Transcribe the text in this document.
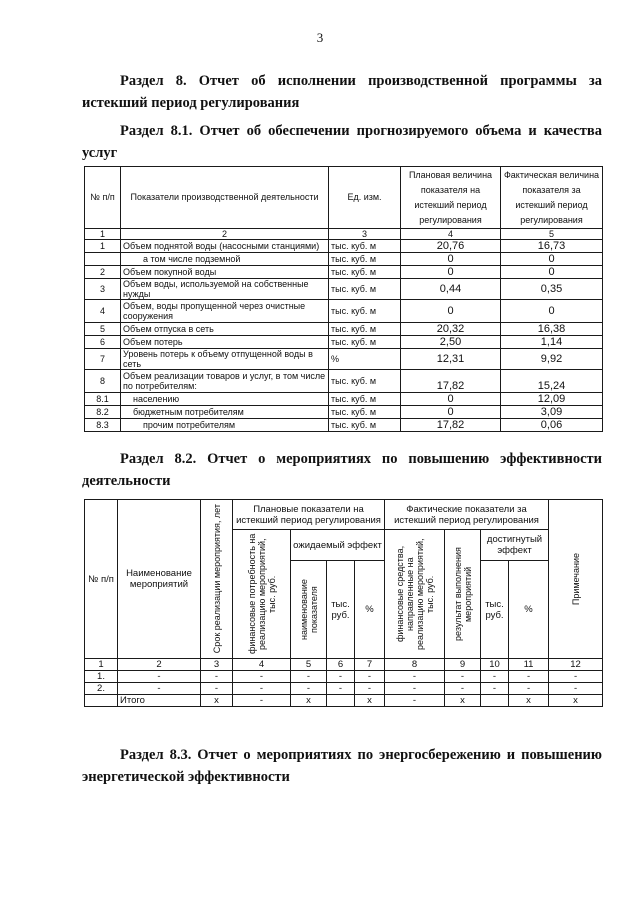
3
Раздел 8. Отчет об исполнении производственной программы за истекший период регулирования
Раздел 8.1. Отчет об обеспечении прогнозируемого объема и качества услуг
№ п/п	Показатели производственной деятельности	Ед. изм.	Плановая величина показателя на истекший период регулирования	Фактическая величина показателя за истекший период регулирования
1	2	3	4	5
1	Объем поднятой воды (насосными станциями)	тыс. куб. м	20,76	16,73
	а том числе подземной	тыс. куб. м	0	0
2	Объем покупной воды	тыс. куб. м	0	0
3	Объем воды, используемой на собственные нужды	тыс. куб. м	0,44	0,35
4	Объем, воды пропущенной через очистные сооружения	тыс. куб. м	0	0
5	Объем отпуска в сеть	тыс. куб. м	20,32	16,38
6	Объем потерь	тыс. куб. м	2,50	1,14
7	Уровень потерь к объему отпущенной воды в сеть	%	12,31	9,92
8	Объем реализации товаров и услуг, в том числе по потребителям:	тыс. куб. м	17,82	15,24
8.1	населению	тыс. куб. м	0	12,09
8.2	бюджетным потребителям	тыс. куб. м	0	3,09
8.3	прочим потребителям	тыс. куб. м	17,82	0,06
Раздел 8.2. Отчет о мероприятиях по повышению эффективности деятельности
№ п/п	Наименование мероприятий	Срок реализации мероприятия, лет	Плановые показатели на истекший период регулирования				Фактические показатели за истекший период регулирования				Примечание

			финансовые потребность на реализацию мероприятий, тыс. руб.	ожидаемый эффект			финансовые средства, направленные на реализацию мероприятий, тыс. руб.	результат выполнения мероприятий	достигнутый эффект		

				наименование показателя	тыс. руб.	%			тыс. руб.	%	
1	2	3	4	5	6	7	8	9	10	11	12
1.	-	-	-	-	-	-	-	-	-	-	-
2.	-	-	-	-	-	-	-	-	-	-	-
	Итого	x	-	x		x	-	x		x	x
Раздел 8.3. Отчет о мероприятиях по энергосбережению и повышению энергетической эффективности
